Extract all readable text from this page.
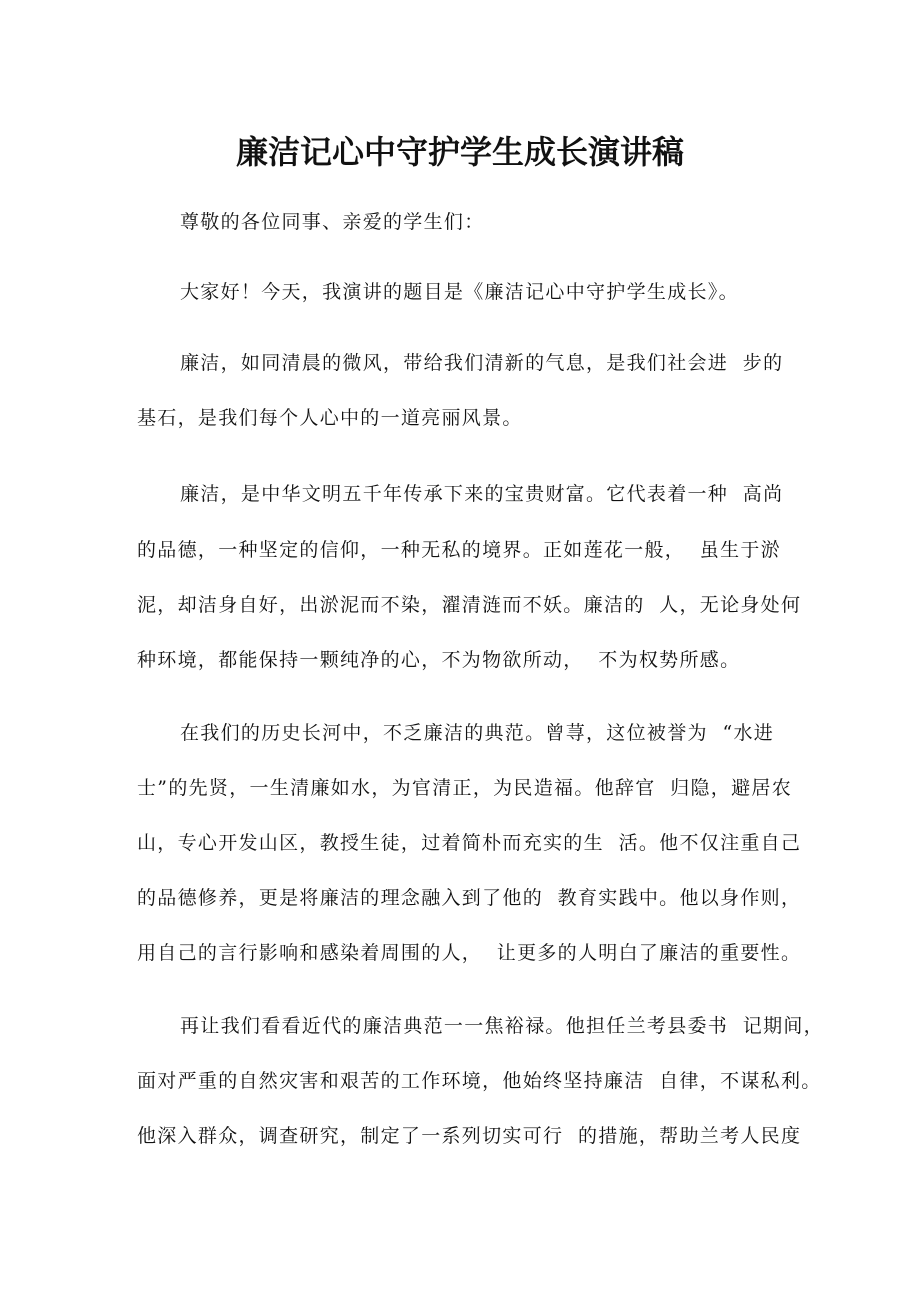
廉洁记心中守护学生成长演讲稿

尊敬的各位同事、亲爱的学生们：

大家好！今天，我演讲的题目是《廉洁记心中守护学生成长》。

廉洁，如同清晨的微风，带给我们清新的气息，是我们社会进  步的

基石，是我们每个人心中的一道亮丽风景。

廉洁，是中华文明五千年传承下来的宝贵财富。它代表着一种  高尚

的品德，一种坚定的信仰，一种无私的境界。正如莲花一般，  虽生于淤

泥，却洁身自好，出淤泥而不染，濯清涟而不妖。廉洁的  人，无论身处何

种环境，都能保持一颗纯净的心，不为物欲所动，  不为权势所感。

在我们的历史长河中，不乏廉洁的典范。曾荨，这位被誉为  “水进

士”的先贤，一生清廉如水，为官清正，为民造福。他辞官  归隐，避居农

山，专心开发山区，教授生徒，过着简朴而充实的生  活。他不仅注重自己

的品德修养，更是将廉洁的理念融入到了他的  教育实践中。他以身作则，

用自己的言行影响和感染着周围的人，  让更多的人明白了廉洁的重要性。

再让我们看看近代的廉洁典范一一焦裕禄。他担任兰考县委书  记期间，

面对严重的自然灾害和艰苦的工作环境，他始终坚持廉洁  自律，不谋私利。

他深入群众，调查研究，制定了一系列切实可行  的措施，帮助兰考人民度
